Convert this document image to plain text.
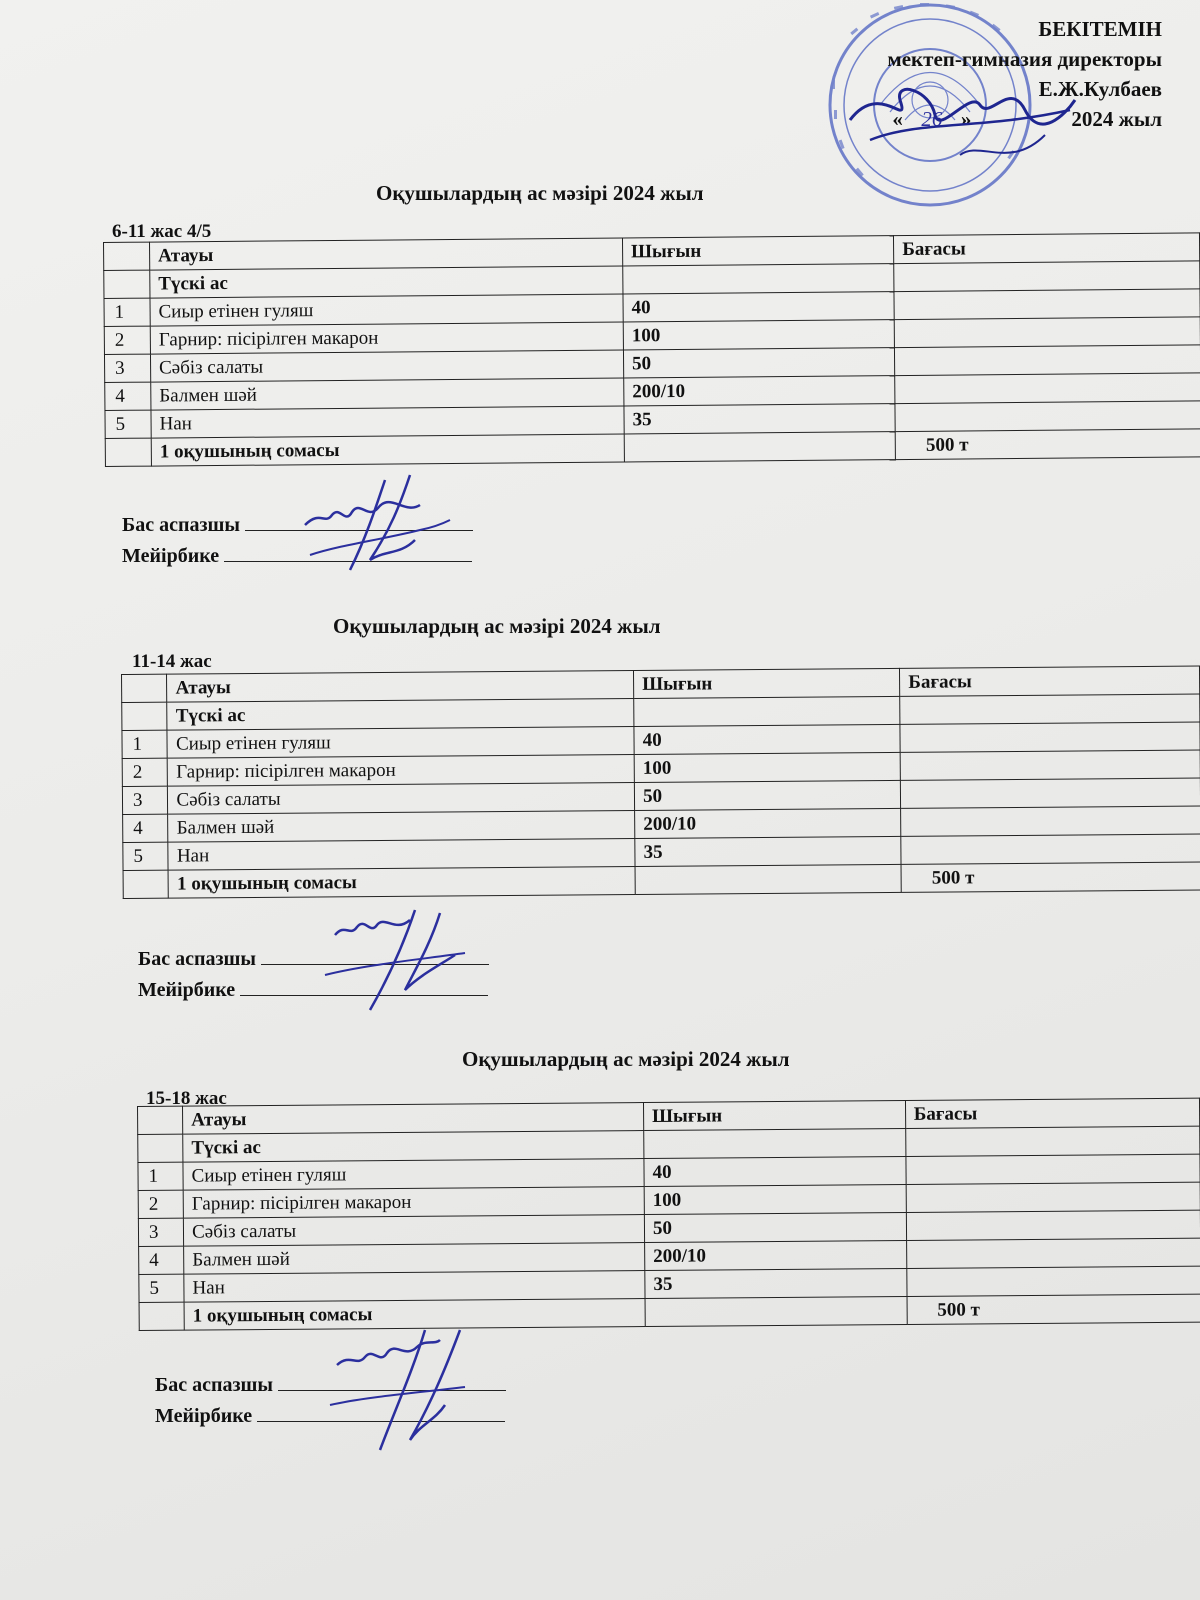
БЕКІТЕМІН
мектеп-гимназия директоры
Е.Ж.Кулбаев
« 26 »	2024 жыл
Оқушылардың ас мәзірі 2024 жыл
6-11 жас 4/5
	Атауы	Шығын	Бағасы
	Түскі ас		
1	Сиыр етінен гуляш	40	
2	Гарнир: пісірілген макарон	100	
3	Сәбіз салаты	50	
4	Балмен шәй	200/10	
5	Нан	35	
	1 оқушының сомасы		500 т
Бас аспазшы
Мейірбике
Оқушылардың ас мәзірі 2024 жыл
11-14 жас
	Атауы	Шығын	Бағасы
	Түскі ас		
1	Сиыр етінен гуляш	40	
2	Гарнир: пісірілген макарон	100	
3	Сәбіз салаты	50	
4	Балмен шәй	200/10	
5	Нан	35	
	1 оқушының сомасы		500 т
Бас аспазшы
Мейірбике
Оқушылардың ас мәзірі 2024 жыл
15-18 жас
	Атауы	Шығын	Бағасы
	Түскі ас		
1	Сиыр етінен гуляш	40	
2	Гарнир: пісірілген макарон	100	
3	Сәбіз салаты	50	
4	Балмен шәй	200/10	
5	Нан	35	
	1 оқушының сомасы		500 т
Бас аспазшы
Мейірбике
